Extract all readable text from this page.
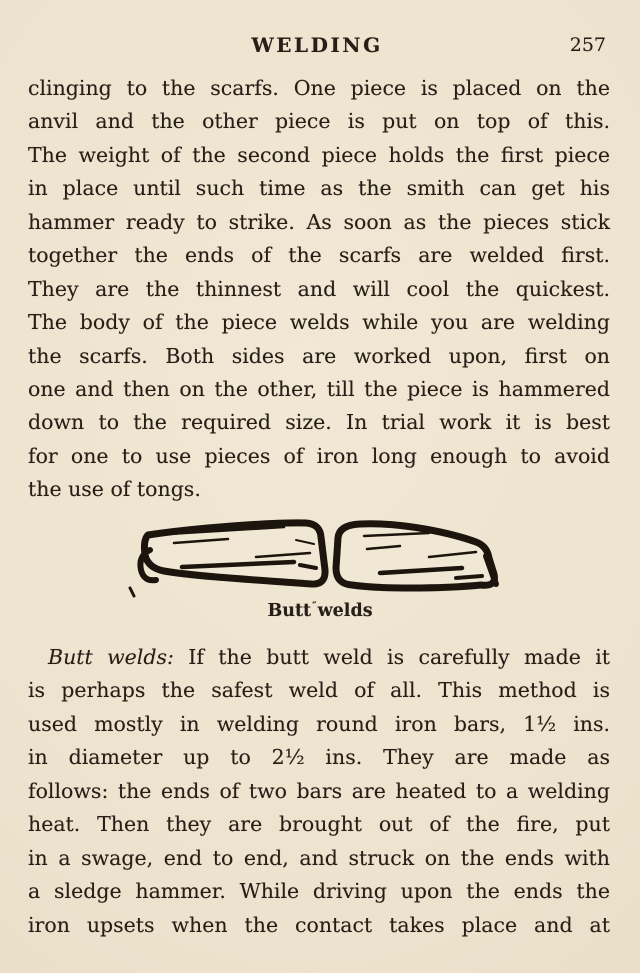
WELDING	257
clinging to the scarfs. One piece is placed on the
anvil and the other piece is put on top of this.
The weight of the second piece holds the first piece
in place until such time as the smith can get his
hammer ready to strike. As soon as the pieces stick
together the ends of the scarfs are welded first.
They are the thinnest and will cool the quickest.
The body of the piece welds while you are welding
the scarfs. Both sides are worked upon, first on
one and then on the other, till the piece is hammered
down to the required size. In trial work it is best
for one to use pieces of iron long enough to avoid
the use of tongs.
Butt″welds
Butt welds: If the butt weld is carefully made it
is perhaps the safest weld of all. This method is
used mostly in welding round iron bars, 1½ ins.
in diameter up to 2½ ins. They are made as
follows: the ends of two bars are heated to a welding
heat. Then they are brought out of the fire, put
in a swage, end to end, and struck on the ends with
a sledge hammer. While driving upon the ends the
iron upsets when the contact takes place and at
